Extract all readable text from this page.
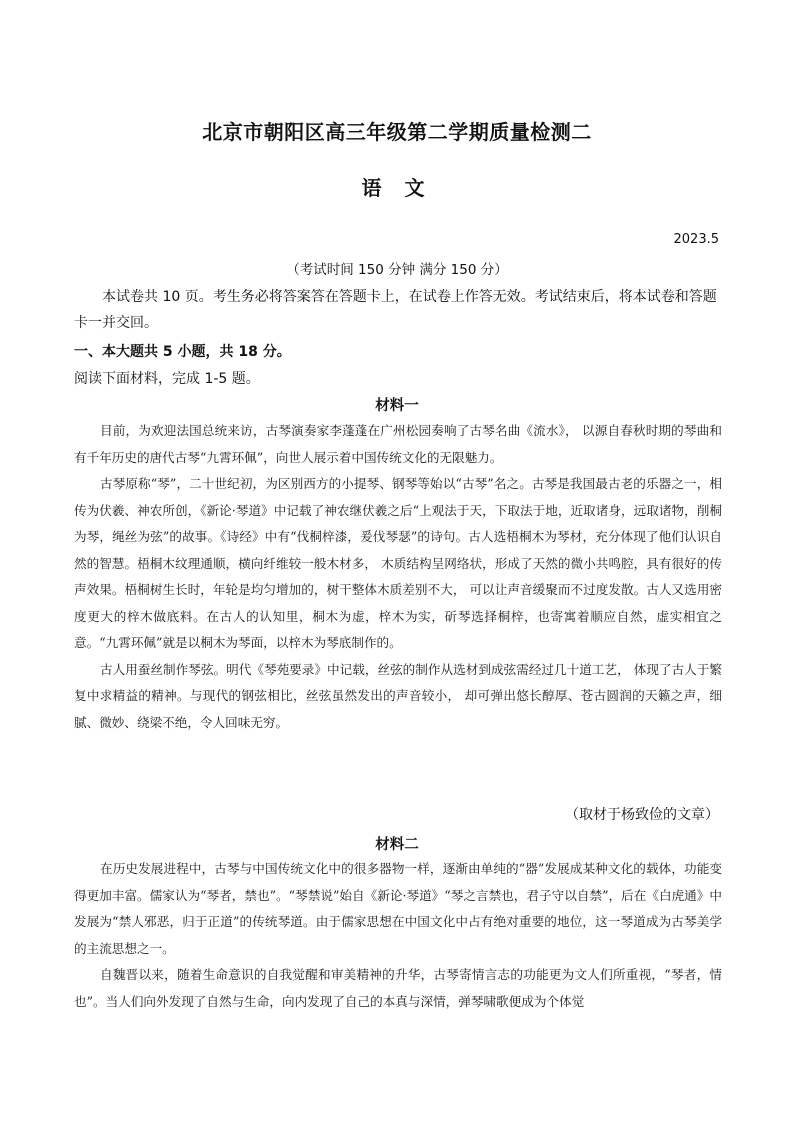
北京市朝阳区高三年级第二学期质量检测二
语 文
2023.5
（考试时间 150 分钟 满分 150 分）
本试卷共 10 页。考生务必将答案答在答题卡上，在试卷上作答无效。考试结束后，将本试卷和答题卡一并交回。
一、本大题共 5 小题，共 18 分。
阅读下面材料，完成 1-5 题。
材料一

目前，为欢迎法国总统来访，古琴演奏家李蓬蓬在广州松园奏响了古琴名曲《流水》， 以源自春秋时期的琴曲和有千年历史的唐代古琴“九霄环佩”，向世人展示着中国传统文化的无限魅力。

古琴原称“琴”，二十世纪初，为区别西方的小提琴、钢琴等始以“古琴”名之。古琴是我国最古老的乐器之一，相传为伏羲、神农所创，《新论·琴道》中记载了神农继伏羲之后“上观法于天，下取法于地，近取诸身，远取诸物，削桐为琴，绳丝为弦”的故事。《诗经》中有“伐桐梓漆，爰伐琴瑟”的诗句。古人选梧桐木为琴材，充分体现了他们认识自然的智慧。梧桐木纹理通顺，横向纤维较一般木材多， 木质结构呈网络状，形成了天然的微小共鸣腔，具有很好的传声效果。梧桐树生长时，年轮是均匀增加的，树干整体木质差别不大， 可以让声音缓聚而不过度发散。古人又选用密度更大的梓木做底料。在古人的认知里，桐木为虚，梓木为实，斫琴选择桐梓，也寄寓着顺应自然，虚实相宜之意。“九霄环佩”就是以桐木为琴面，以梓木为琴底制作的。

古人用蚕丝制作琴弦。明代《琴苑要录》中记载，丝弦的制作从选材到成弦需经过几十道工艺， 体现了古人于繁复中求精益的精神。与现代的钢弦相比，丝弦虽然发出的声音较小， 却可弹出悠长醇厚、苍古圆润的天籁之声，细腻、微妙、绕梁不绝，令人回味无穷。

（取材于杨致俭的文章）
材料二

在历史发展进程中，古琴与中国传统文化中的很多器物一样，逐渐由单纯的“器”发展成某种文化的载体，功能变得更加丰富。儒家认为“琴者，禁也”。“琴禁说”始自《新论·琴道》“琴之言禁也，君子守以自禁”，后在《白虎通》中发展为“禁人邪恶，归于正道”的传统琴道。由于儒家思想在中国文化中占有绝对重要的地位，这一琴道成为古琴美学的主流思想之一。

自魏晋以来，随着生命意识的自我觉醒和审美精神的升华，古琴寄情言志的功能更为文人们所重视，“琴者，情也”。当人们向外发现了自然与生命，向内发现了自己的本真与深情，弹琴啸歌便成为个体觉
